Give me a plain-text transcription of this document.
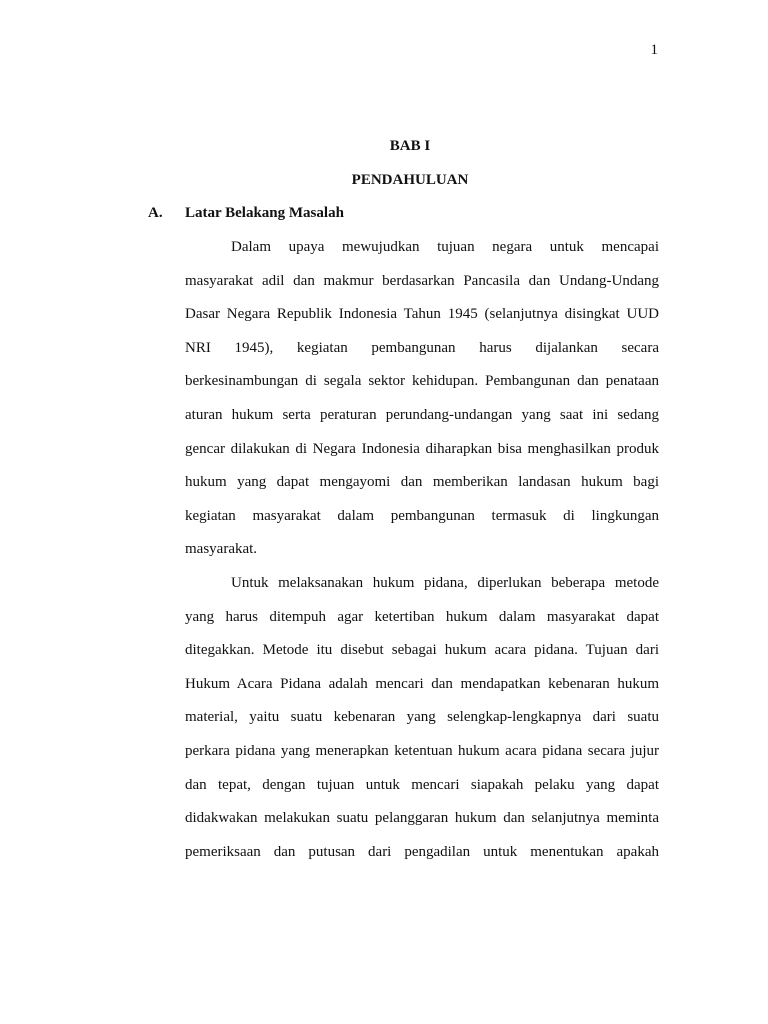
1
BAB I
PENDAHULUAN
A. Latar Belakang Masalah
Dalam upaya mewujudkan tujuan negara untuk mencapai
masyarakat adil dan makmur berdasarkan Pancasila dan Undang-Undang
Dasar Negara Republik Indonesia Tahun 1945 (selanjutnya disingkat UUD
NRI 1945), kegiatan pembangunan harus dijalankan secara
berkesinambungan di segala sektor kehidupan. Pembangunan dan penataan
aturan hukum serta peraturan perundang-undangan yang saat ini sedang
gencar dilakukan di Negara Indonesia diharapkan bisa menghasilkan produk
hukum yang dapat mengayomi dan memberikan landasan hukum bagi
kegiatan masyarakat dalam pembangunan termasuk di lingkungan
masyarakat.
Untuk melaksanakan hukum pidana, diperlukan beberapa metode
yang harus ditempuh agar ketertiban hukum dalam masyarakat dapat
ditegakkan. Metode itu disebut sebagai hukum acara pidana. Tujuan dari
Hukum Acara Pidana adalah mencari dan mendapatkan kebenaran hukum
material, yaitu suatu kebenaran yang selengkap-lengkapnya dari suatu
perkara pidana yang menerapkan ketentuan hukum acara pidana secara jujur
dan tepat, dengan tujuan untuk mencari siapakah pelaku yang dapat
didakwakan melakukan suatu pelanggaran hukum dan selanjutnya meminta
pemeriksaan dan putusan dari pengadilan untuk menentukan apakah
